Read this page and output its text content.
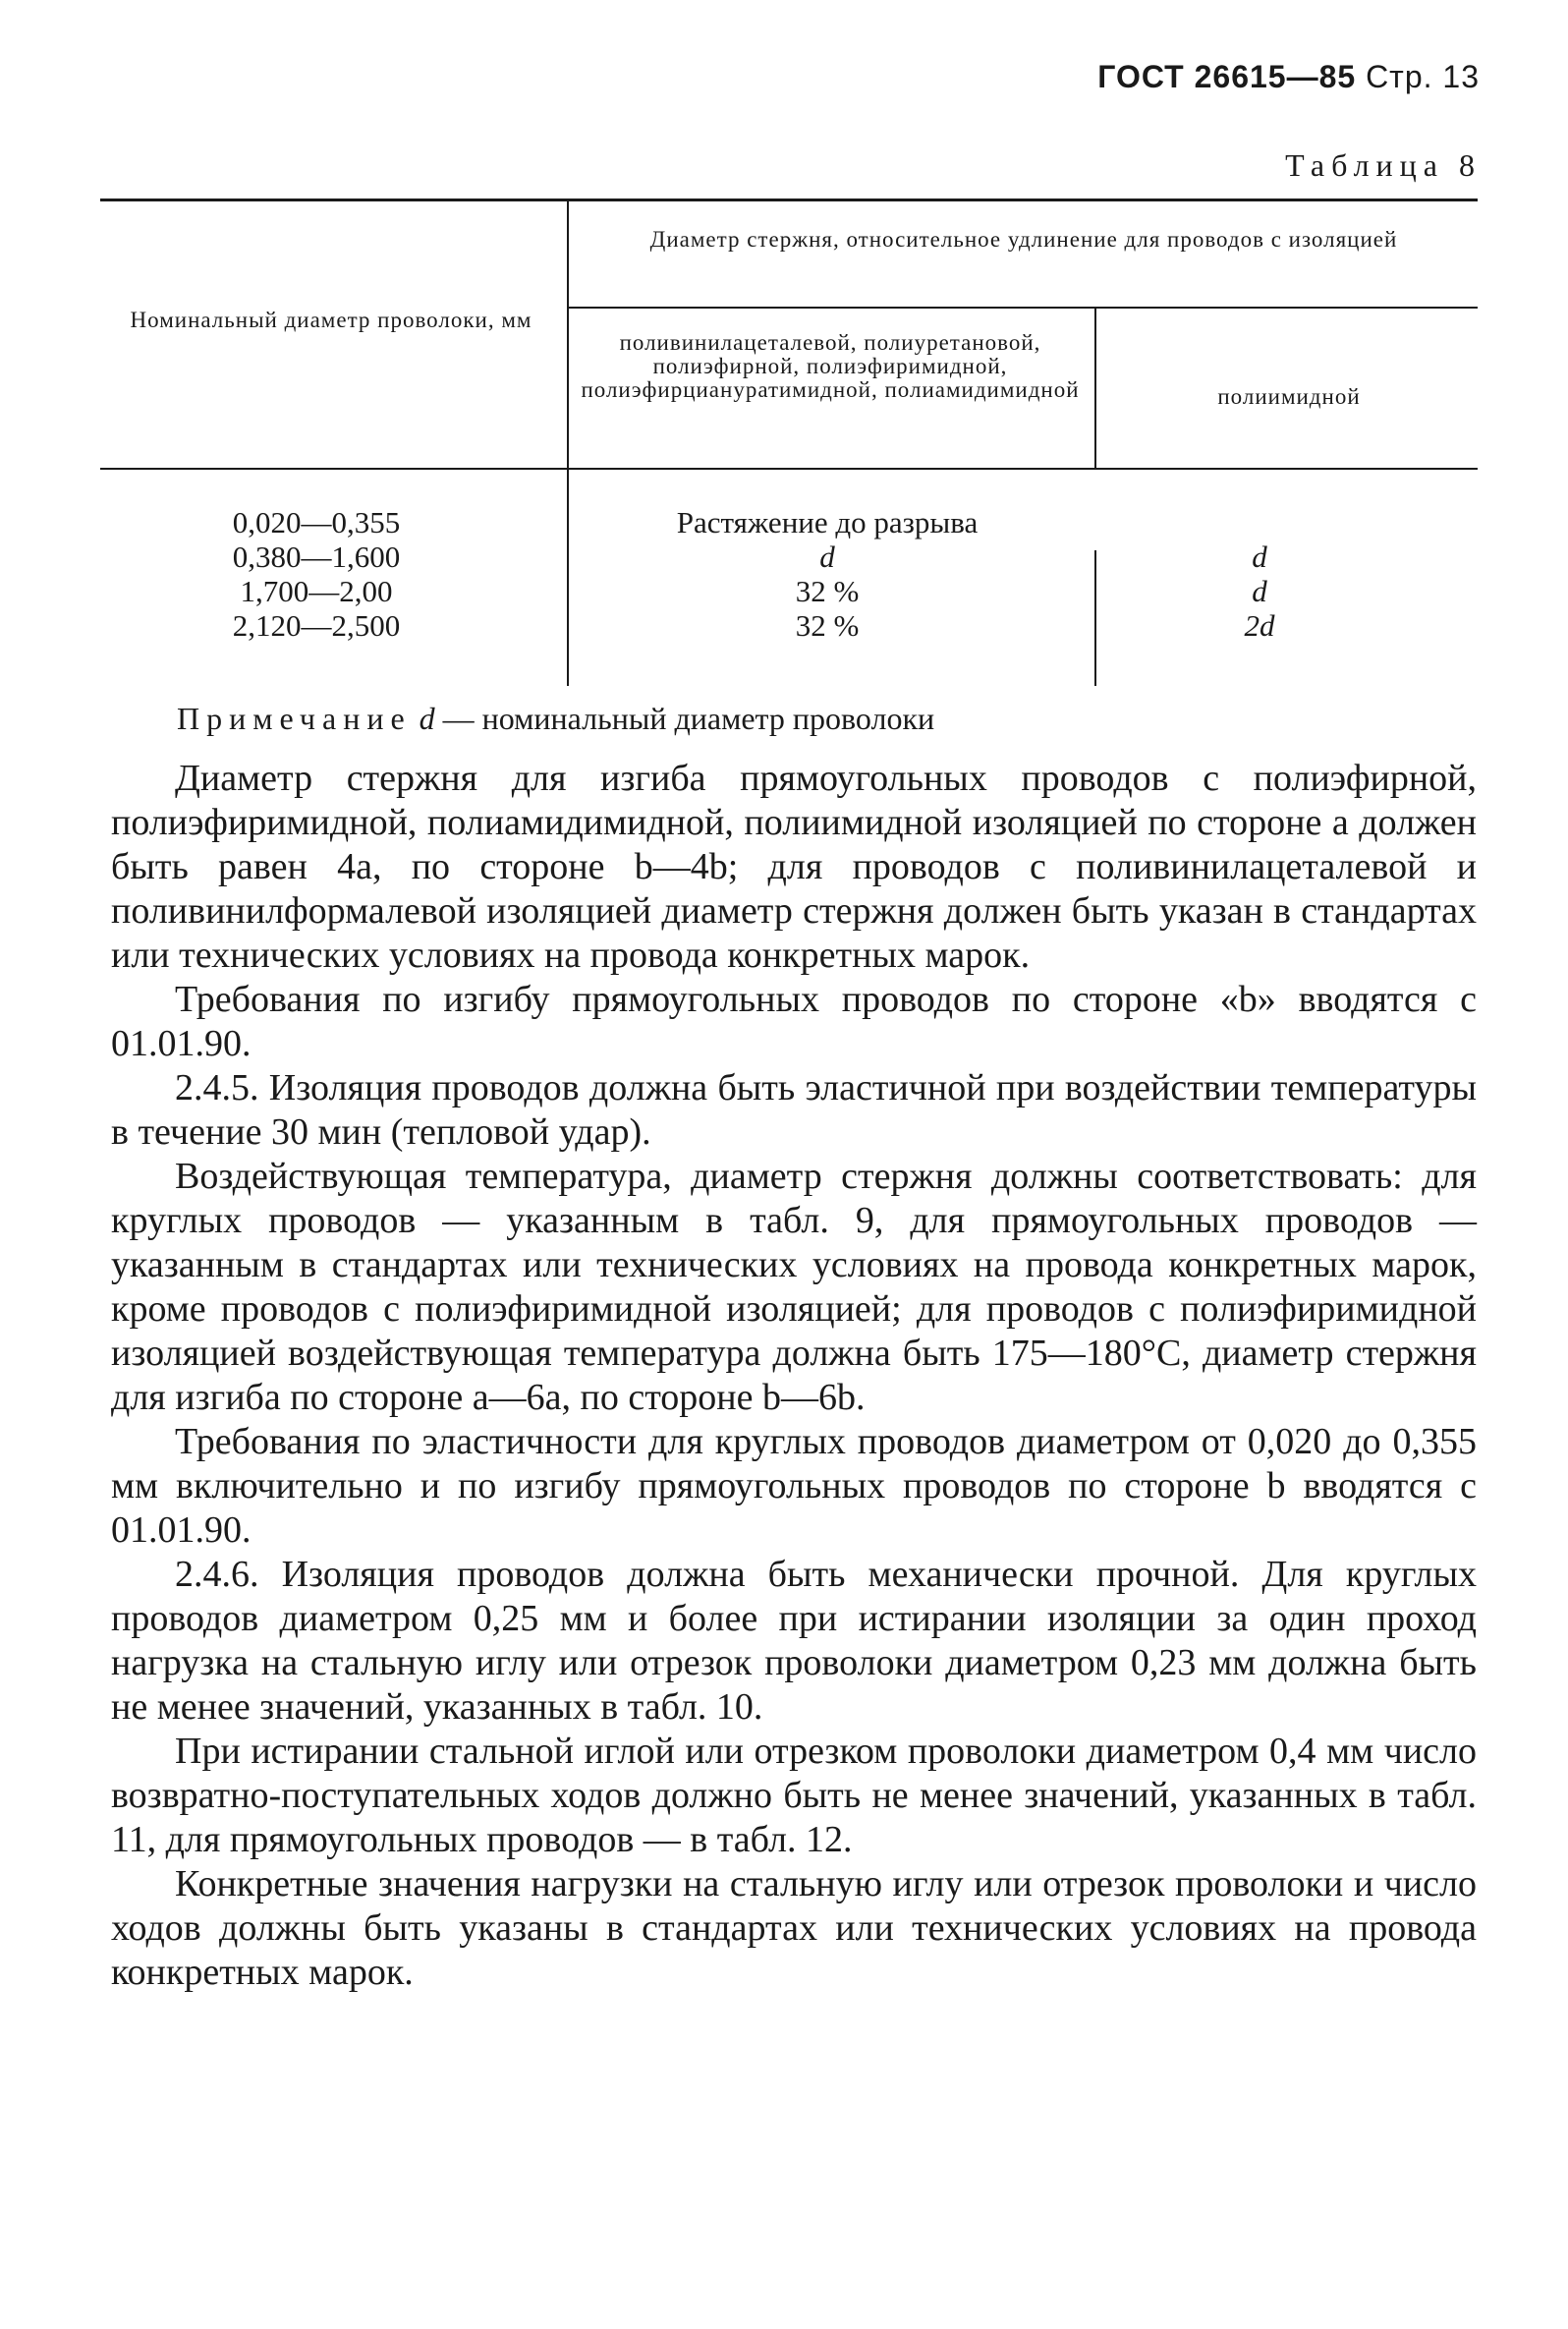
ГОСТ 26615—85 Стр. 13
Таблица 8
Номинальный диаметр проволоки, мм
Диаметр стержня, относительное удлинение для проводов с изоляцией
поливинилацеталевой, полиуретановой, полиэфирной, полиэфиримидной, полиэфирциануратимидной, полиамидимидной	полиимидной
0,020—0,355
0,380—1,600
1,700—2,00
2,120—2,500
Растяжение до разрыва
d
32 %
32 %
d
d
2d
Примечание d — номинальный диаметр проволоки

Диаметр стержня для изгиба прямоугольных проводов с полиэфирной, полиэфиримидной, полиамидимидной, полиимидной изоляцией по стороне a должен быть равен 4a, по стороне b—4b; для проводов с поливинилацеталевой и поливинилформалевой изоляцией диаметр стержня должен быть указан в стандартах или технических условиях на провода конкретных марок.

Требования по изгибу прямоугольных проводов по стороне «b» вводятся с 01.01.90.

2.4.5. Изоляция проводов должна быть эластичной при воздействии температуры в течение 30 мин (тепловой удар).

Воздействующая температура, диаметр стержня должны соответствовать: для круглых проводов — указанным в табл. 9, для прямоугольных проводов — указанным в стандартах или технических условиях на провода конкретных марок, кроме проводов с полиэфиримидной изоляцией; для проводов с полиэфиримидной изоляцией воздействующая температура должна быть 175—180°С, диаметр стержня для изгиба по стороне a—6a, по стороне b—6b.

Требования по эластичности для круглых проводов диаметром от 0,020 до 0,355 мм включительно и по изгибу прямоугольных проводов по стороне b вводятся с 01.01.90.

2.4.6. Изоляция проводов должна быть механически прочной. Для круглых проводов диаметром 0,25 мм и более при истирании изоляции за один проход нагрузка на стальную иглу или отрезок проволоки диаметром 0,23 мм должна быть не менее значений, указанных в табл. 10.

При истирании стальной иглой или отрезком проволоки диаметром 0,4 мм число возвратно-поступательных ходов должно быть не менее значений, указанных в табл. 11, для прямоугольных проводов — в табл. 12.

Конкретные значения нагрузки на стальную иглу или отрезок проволоки и число ходов должны быть указаны в стандартах или технических условиях на провода конкретных марок.
